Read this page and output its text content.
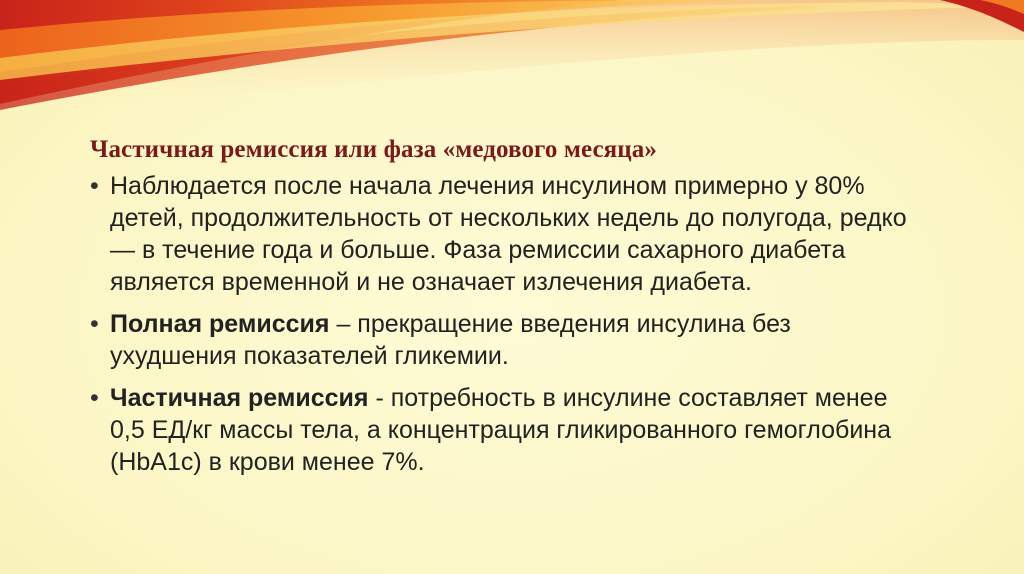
Частичная ремиссия или фаза «медового месяца»
• Наблюдается после начала лечения инсулином примерно у 80% детей, продолжительность от нескольких недель до полугода, редко — в течение года и больше. Фаза ремиссии сахарного диабета является временной и не означает излечения диабета.
• Полная ремиссия – прекращение введения инсулина без ухудшения показателей гликемии.
• Частичная ремиссия - потребность в инсулине составляет менее 0,5 ЕД/кг массы тела, а концентрация гликированного гемоглобина (HbA1c) в крови менее 7%.
